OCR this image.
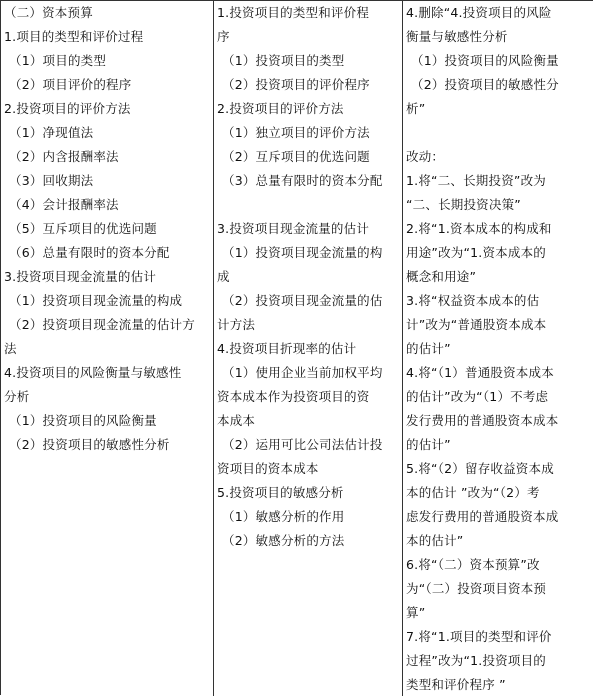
（二）资本预算
1.项目的类型和评价过程
（1）项目的类型
（2）项目评价的程序
2.投资项目的评价方法
（1）净现值法
（2）内含报酬率法
（3）回收期法
（4）会计报酬率法
（5）互斥项目的优选问题
（6）总量有限时的资本分配
3.投资项目现金流量的估计
（1）投资项目现金流量的构成
（2）投资项目现金流量的估计方
法
4.投资项目的风险衡量与敏感性
分析
（1）投资项目的风险衡量
（2）投资项目的敏感性分析
1.投资项目的类型和评价程
序
（1）投资项目的类型
（2）投资项目的评价程序
2.投资项目的评价方法
（1）独立项目的评价方法
（2）互斥项目的优选问题
（3）总量有限时的资本分配
3.投资项目现金流量的估计
（1）投资项目现金流量的构
成
（2）投资项目现金流量的估
计方法
4.投资项目折现率的估计
（1）使用企业当前加权平均
资本成本作为投资项目的资
本成本
（2）运用可比公司法估计投
资项目的资本成本
5.投资项目的敏感分析
（1）敏感分析的作用
（2）敏感分析的方法
4.删除“4.投资项目的风险
衡量与敏感性分析
（1）投资项目的风险衡量
（2）投资项目的敏感性分
析”
改动：
1.将“二、长期投资”改为
“二、长期投资决策”
2.将“1.资本成本的构成和
用途”改为“1.资本成本的
概念和用途”
3.将“权益资本成本的估
计”改为“普通股资本成本
的估计”
4.将“（1）普通股资本成本
的估计”改为“（1）不考虑
发行费用的普通股资本成本
的估计”
5.将“（2）留存收益资本成
本的估计 ”改为“（2）考
虑发行费用的普通股资本成
本的估计”
6.将“（二）资本预算”改
为“（二）投资项目资本预
算”
7.将“1.项目的类型和评价
过程”改为“1.投资项目的
类型和评价程序 ”
